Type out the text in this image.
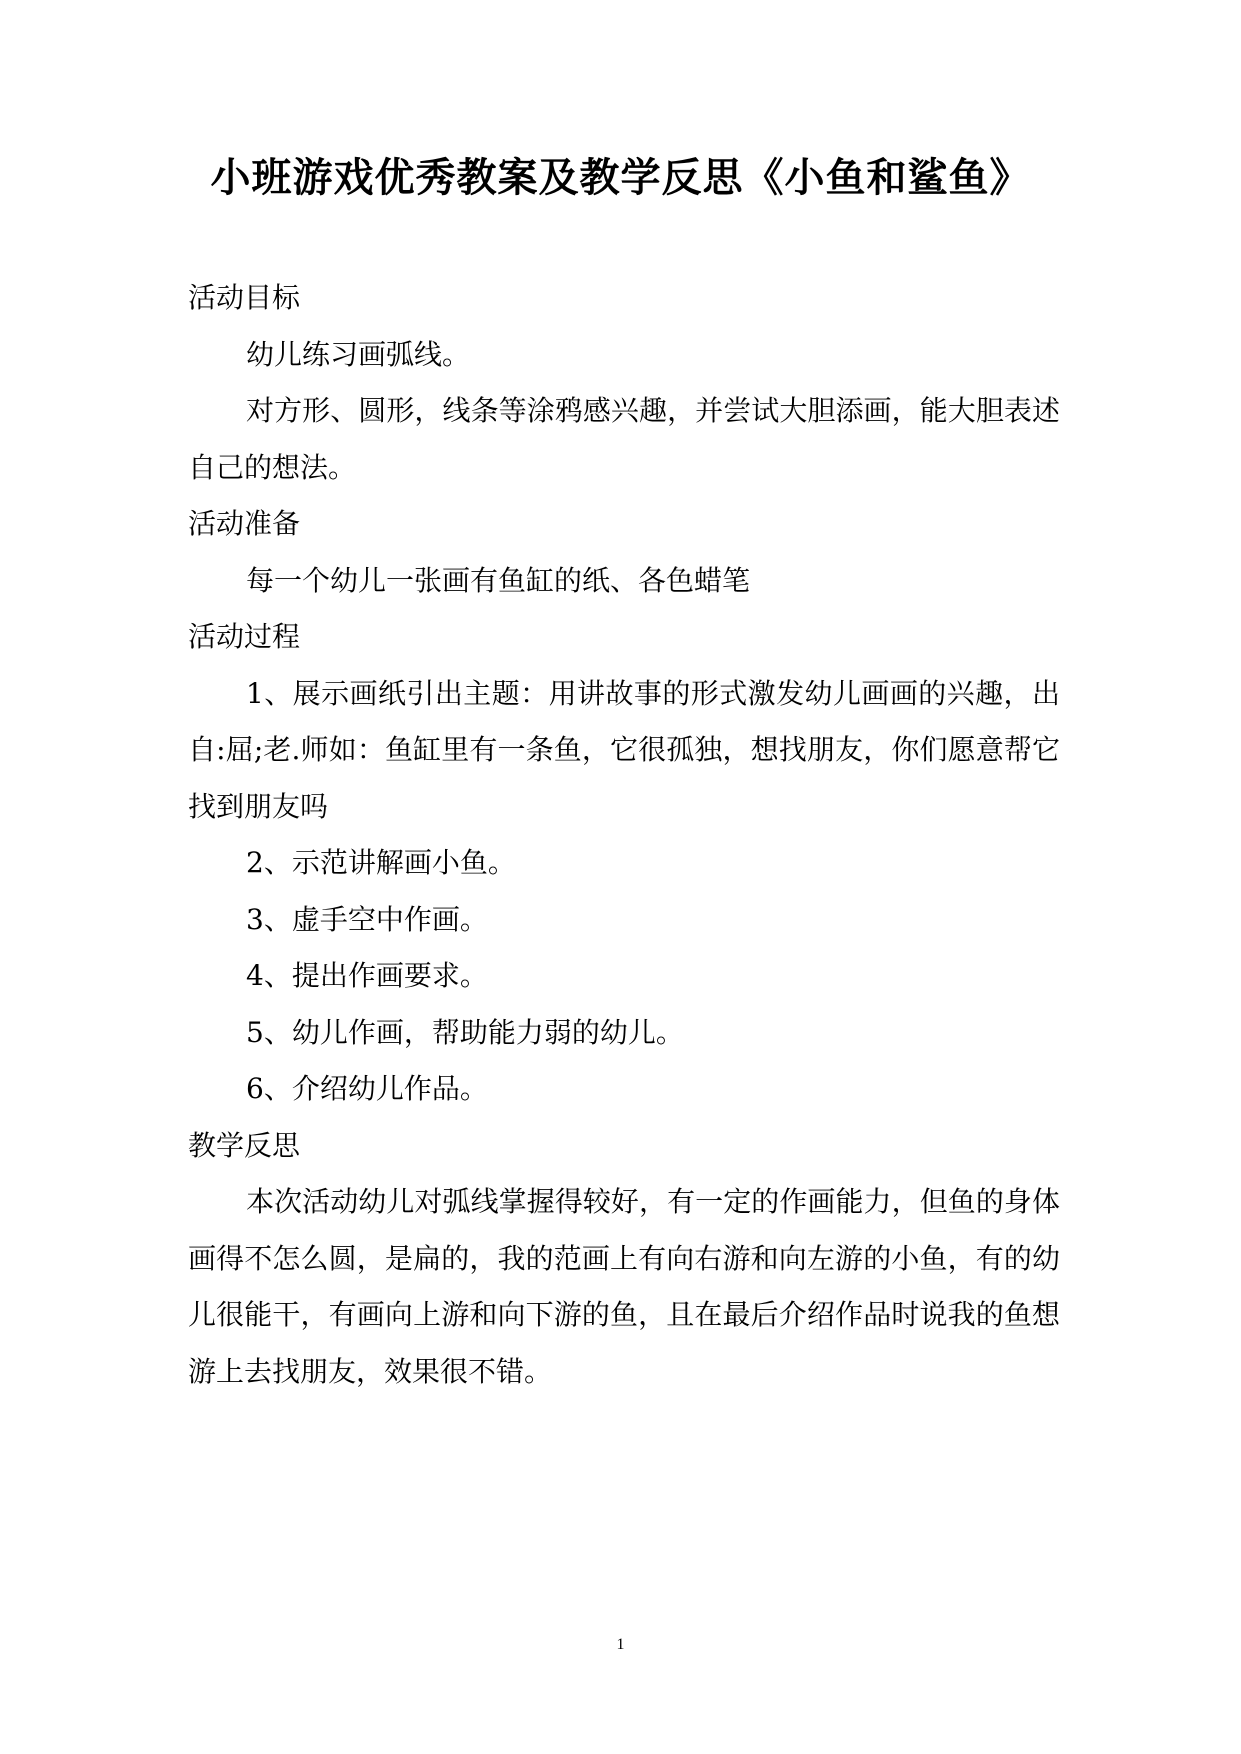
小班游戏优秀教案及教学反思《小鱼和鲨鱼》

活动目标

幼儿练习画弧线。

对方形、圆形，线条等涂鸦感兴趣，并尝试大胆添画，能大胆表述自己的想法。

活动准备

每一个幼儿一张画有鱼缸的纸、各色蜡笔

活动过程

1、展示画纸引出主题：用讲故事的形式激发幼儿画画的兴趣，出自:屈;老.师如：鱼缸里有一条鱼，它很孤独，想找朋友，你们愿意帮它找到朋友吗

2、示范讲解画小鱼。

3、虚手空中作画。

4、提出作画要求。

5、幼儿作画，帮助能力弱的幼儿。

6、介绍幼儿作品。

教学反思

本次活动幼儿对弧线掌握得较好，有一定的作画能力，但鱼的身体画得不怎么圆，是扁的，我的范画上有向右游和向左游的小鱼，有的幼儿很能干，有画向上游和向下游的鱼，且在最后介绍作品时说我的鱼想游上去找朋友，效果很不错。

1
